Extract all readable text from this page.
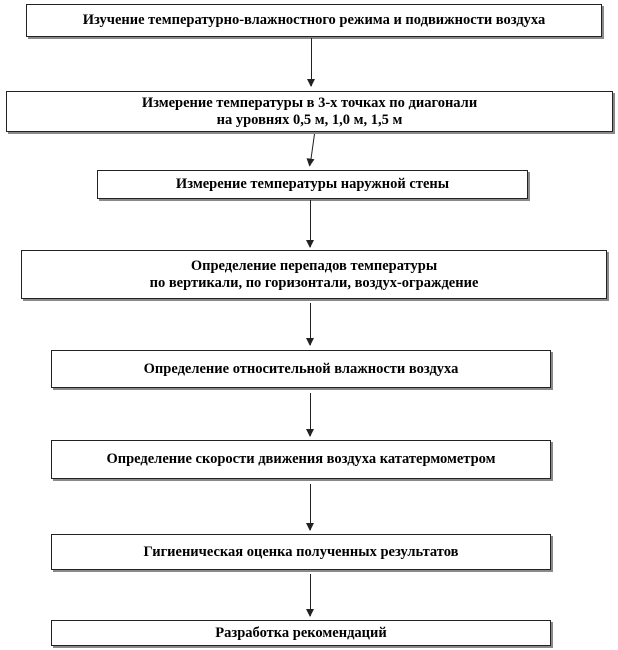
Изучение температурно-влажностного режима и подвижности воздуха
Измерение температуры в 3-х точках по диагонали
на уровнях 0,5 м, 1,0 м, 1,5 м
Измерение температуры наружной стены
Определение перепадов температуры
по вертикали, по горизонтали, воздух-ограждение
Определение относительной влажности воздуха
Определение скорости движения воздуха кататермометром
Гигиеническая оценка полученных результатов
Разработка рекомендаций
